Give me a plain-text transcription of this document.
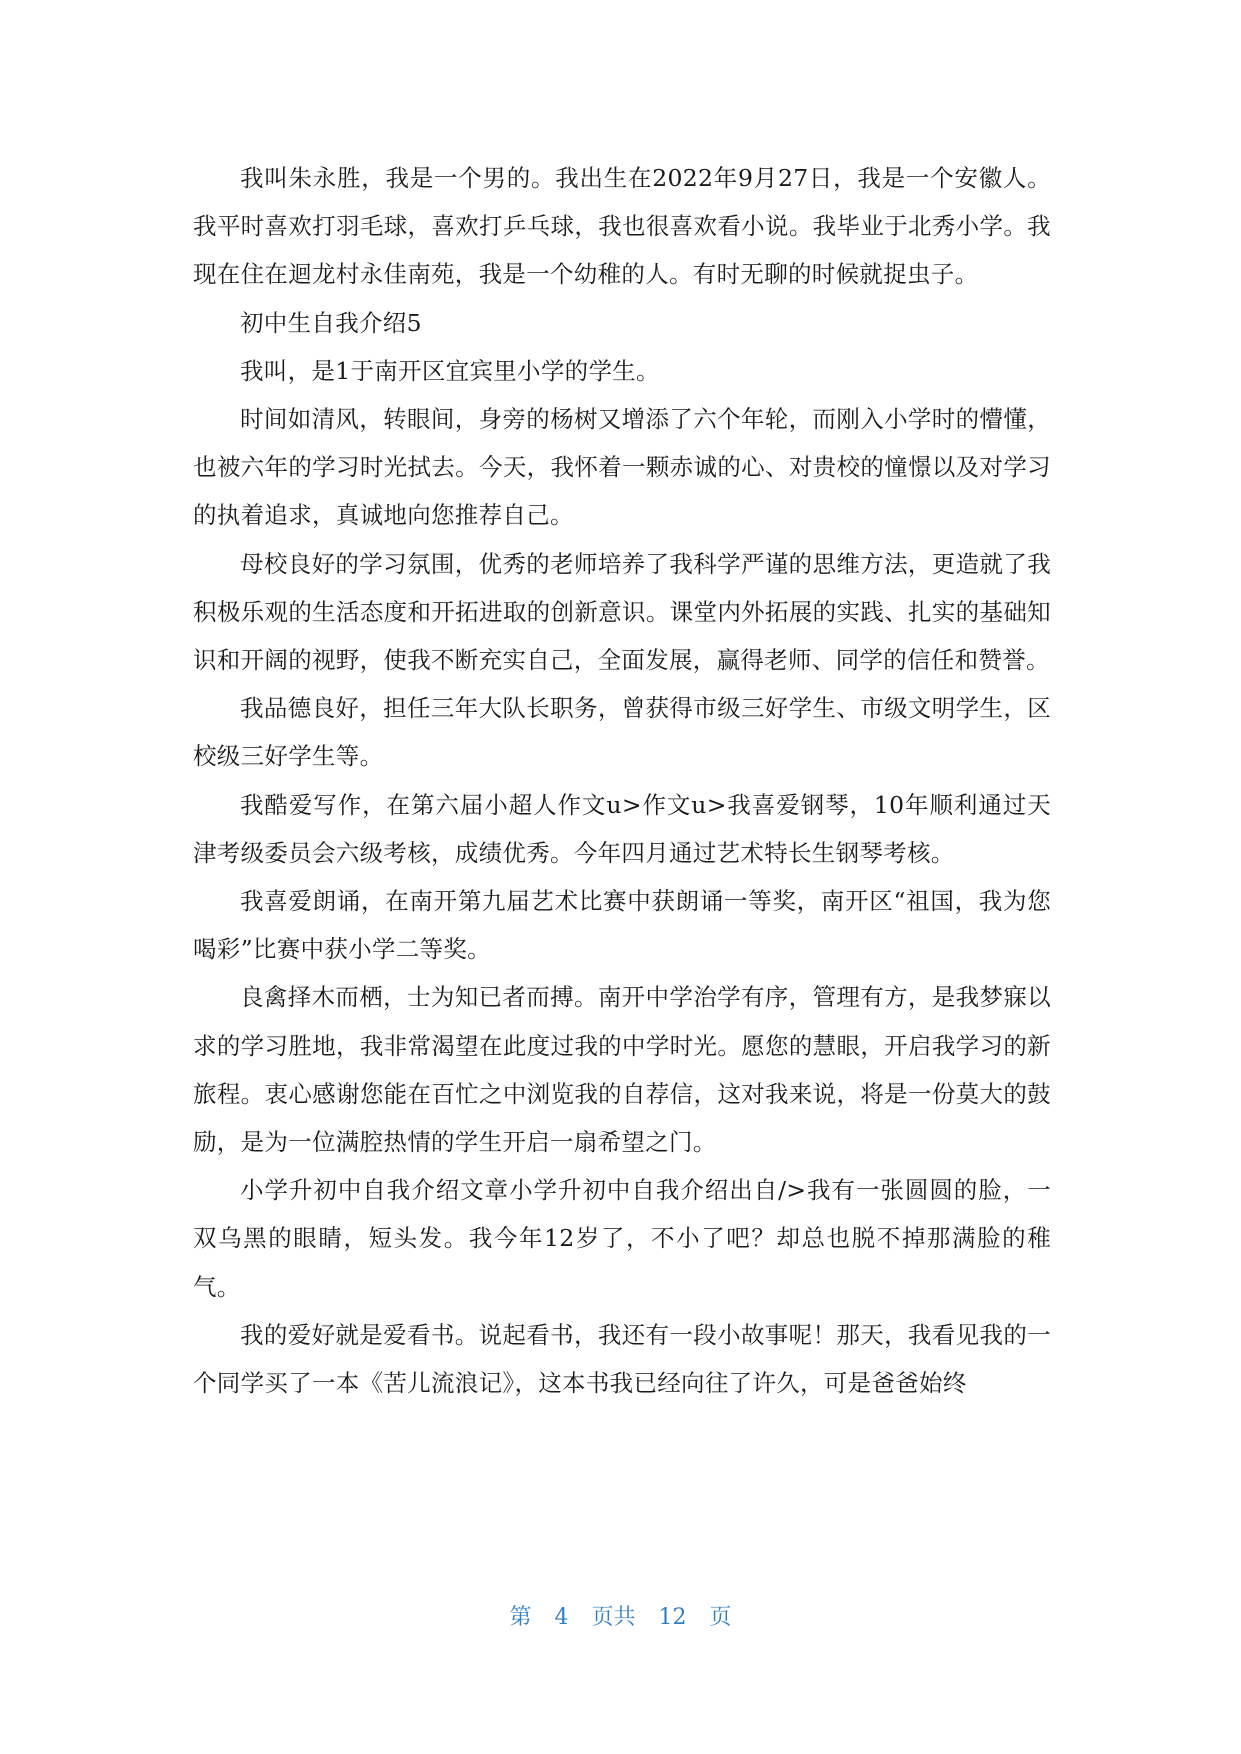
我叫朱永胜，我是一个男的。我出生在2022年9月27日，我是一个安徽人。我平时喜欢打羽毛球，喜欢打乒乓球，我也很喜欢看小说。我毕业于北秀小学。我现在住在迴龙村永佳南苑，我是一个幼稚的人。有时无聊的时候就捉虫子。

初中生自我介绍5

我叫，是1于南开区宜宾里小学的学生。

时间如清风，转眼间，身旁的杨树又增添了六个年轮，而刚入小学时的懵懂，也被六年的学习时光拭去。今天，我怀着一颗赤诚的心、对贵校的憧憬以及对学习的执着追求，真诚地向您推荐自己。

母校良好的学习氛围，优秀的老师培养了我科学严谨的思维方法，更造就了我积极乐观的生活态度和开拓进取的创新意识。课堂内外拓展的实践、扎实的基础知识和开阔的视野，使我不断充实自己，全面发展，赢得老师、同学的信任和赞誉。

我品德良好，担任三年大队长职务，曾获得市级三好学生、市级文明学生，区校级三好学生等。

我酷爱写作，在第六届小超人作文u>作文u>我喜爱钢琴，10年顺利通过天津考级委员会六级考核，成绩优秀。今年四月通过艺术特长生钢琴考核。

我喜爱朗诵，在南开第九届艺术比赛中获朗诵一等奖，南开区“祖国，我为您喝彩”比赛中获小学二等奖。

良禽择木而栖，士为知已者而搏。南开中学治学有序，管理有方，是我梦寐以求的学习胜地，我非常渴望在此度过我的中学时光。愿您的慧眼，开启我学习的新旅程。衷心感谢您能在百忙之中浏览我的自荐信，这对我来说，将是一份莫大的鼓励，是为一位满腔热情的学生开启一扇希望之门。

小学升初中自我介绍文章小学升初中自我介绍出自/>我有一张圆圆的脸，一双乌黑的眼睛，短头发。我今年12岁了，不小了吧？却总也脱不掉那满脸的稚气。

我的爱好就是爱看书。说起看书，我还有一段小故事呢！那天，我看见我的一个同学买了一本《苦儿流浪记》，这本书我已经向往了许久，可是爸爸始终

第 4 页共 12 页
